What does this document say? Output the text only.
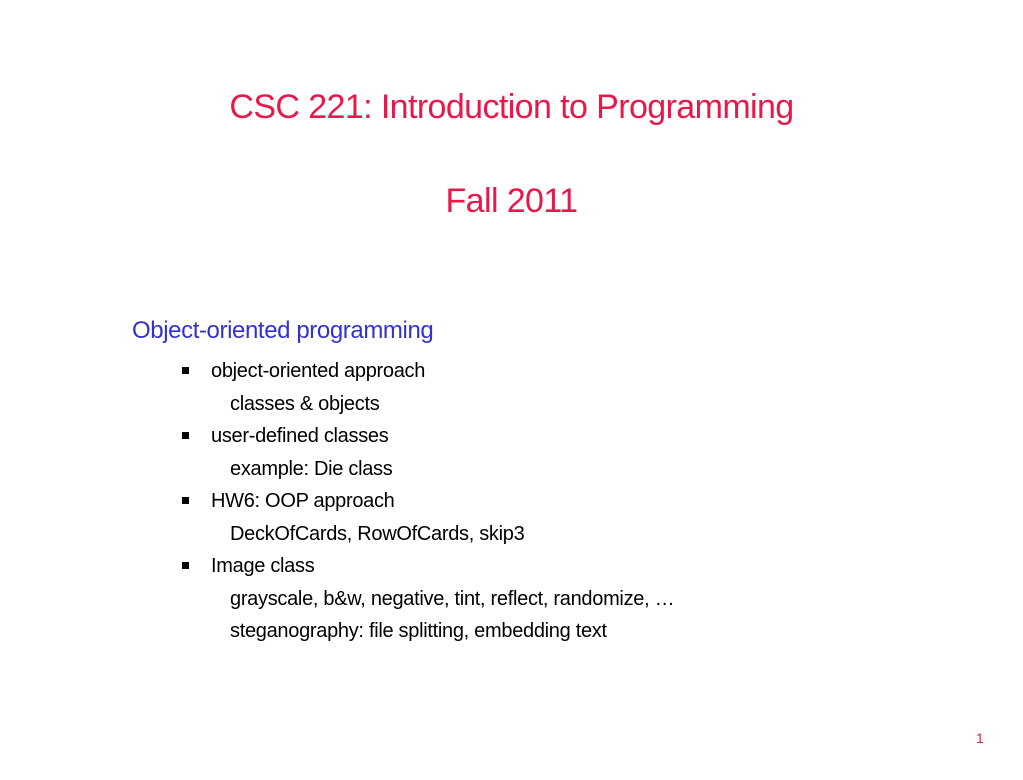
CSC 221: Introduction to Programming
Fall 2011
Object-oriented programming
object-oriented approach
classes & objects
user-defined classes
example: Die class
HW6: OOP approach
DeckOfCards, RowOfCards, skip3
Image class
grayscale, b&w, negative, tint, reflect, randomize, …
steganography: file splitting, embedding text
1
